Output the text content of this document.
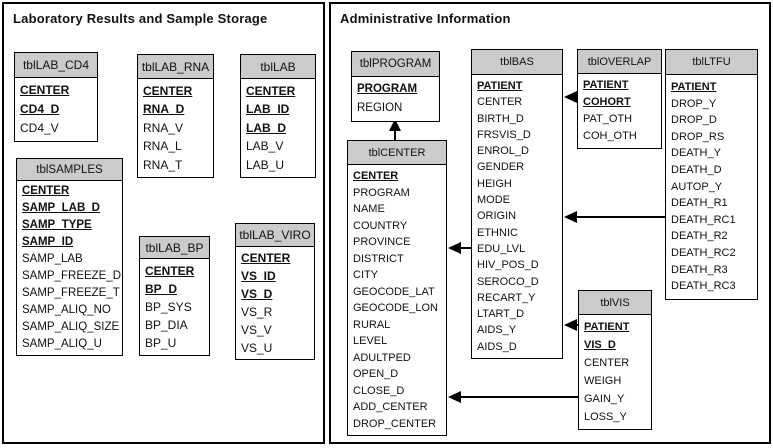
Laboratory Results and Sample Storage	Administrative Information
tblLAB_CD4
CENTER
CD4_D
CD4_V
tblLAB_RNA
CENTER
RNA_D
RNA_V
RNA_L
RNA_T
tblLAB
CENTER
LAB_ID
LAB_D
LAB_V
LAB_U
tblSAMPLES
CENTER
SAMP_LAB_D
SAMP_TYPE
SAMP_ID
SAMP_LAB
SAMP_FREEZE_D
SAMP_FREEZE_T
SAMP_ALIQ_NO
SAMP_ALIQ_SIZE
SAMP_ALIQ_U
tblLAB_BP
CENTER
BP_D
BP_SYS
BP_DIA
BP_U
tblLAB_VIRO
CENTER
VS_ID
VS_D
VS_R
VS_V
VS_U
tblPROGRAM
PROGRAM
REGION
tblBAS
PATIENT
CENTER
BIRTH_D
FRSVIS_D
ENROL_D
GENDER
HEIGH
MODE
ORIGIN
ETHNIC
EDU_LVL
HIV_POS_D
SEROCO_D
RECART_Y
LTART_D
AIDS_Y
AIDS_D
tblOVERLAP
PATIENT
COHORT
PAT_OTH
COH_OTH
tblLTFU
PATIENT
DROP_Y
DROP_D
DROP_RS
DEATH_Y
DEATH_D
AUTOP_Y
DEATH_R1
DEATH_RC1
DEATH_R2
DEATH_RC2
DEATH_R3
DEATH_RC3
tblCENTER
CENTER
PROGRAM
NAME
COUNTRY
PROVINCE
DISTRICT
CITY
GEOCODE_LAT
GEOCODE_LON
RURAL
LEVEL
ADULTPED
OPEN_D
CLOSE_D
ADD_CENTER
DROP_CENTER
tblVIS
PATIENT
VIS_D
CENTER
WEIGH
GAIN_Y
LOSS_Y
